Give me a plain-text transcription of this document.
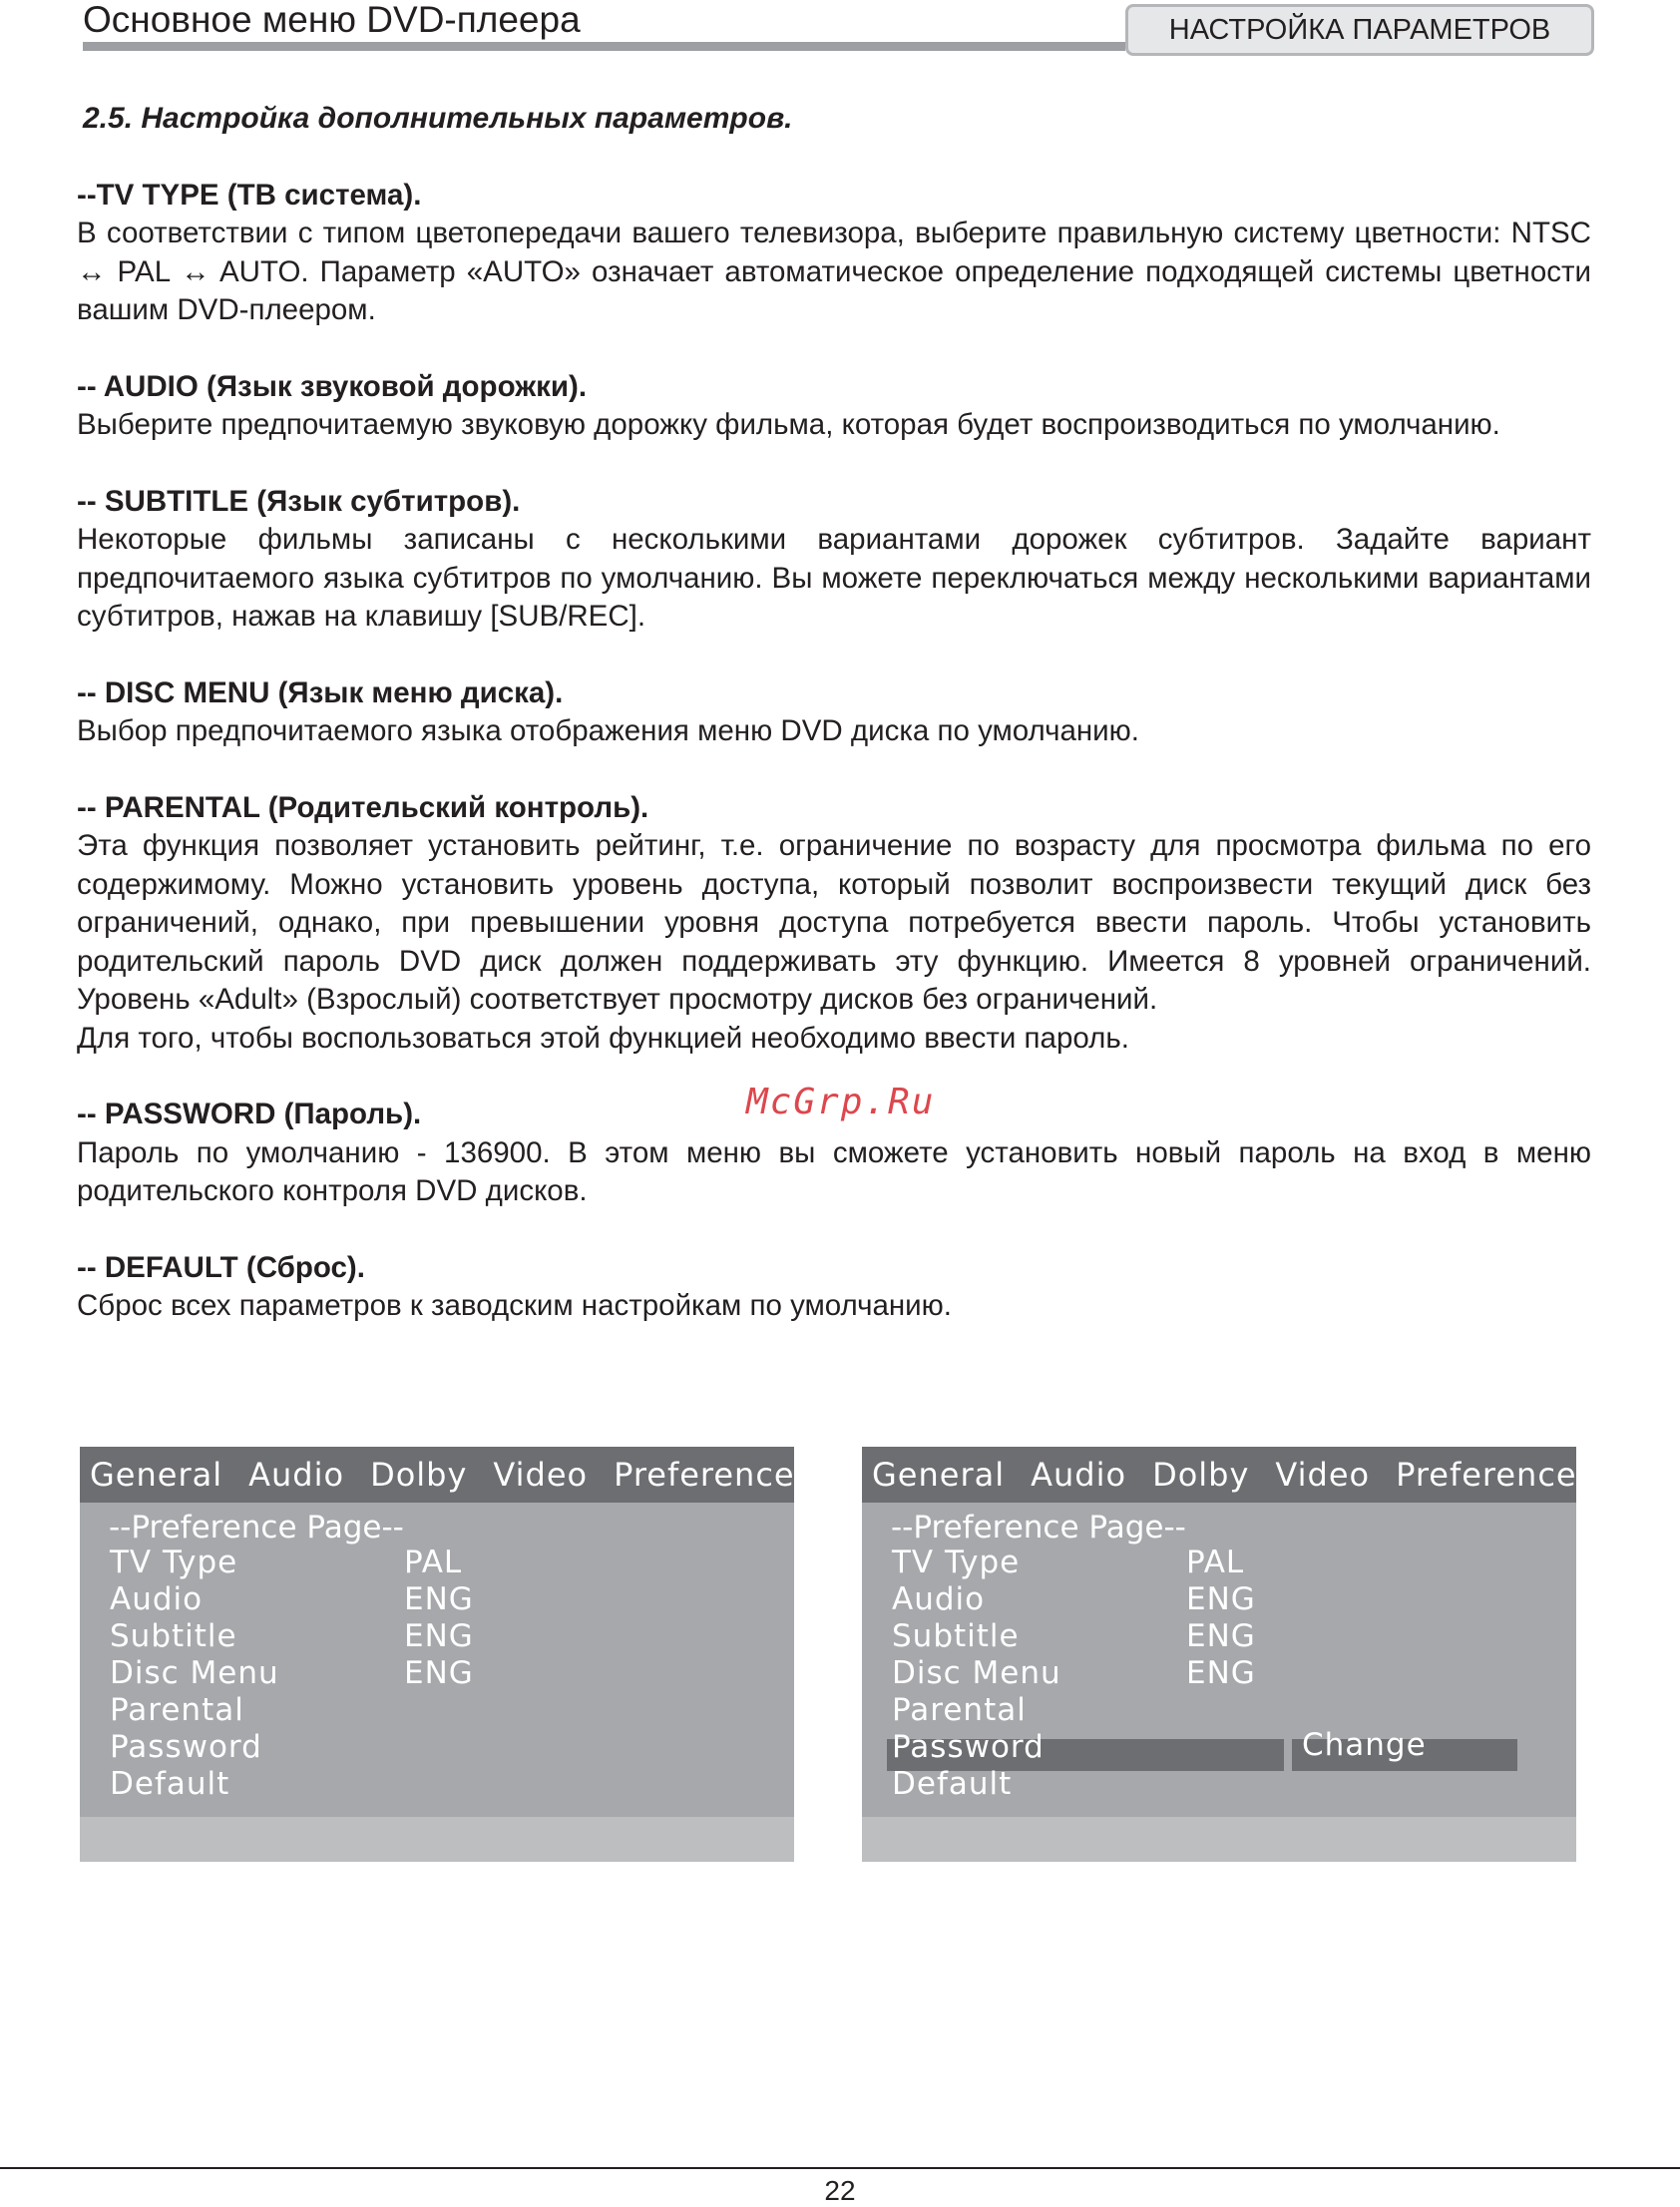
Основное меню DVD-плеера	НАСТРОЙКА ПАРАМЕТРОВ
2.5. Настройка дополнительных параметров.
--TV TYPE (ТВ система).
В соответствии с типом цветопередачи вашего телевизора, выберите правильную систему цветности: NTSC ↔ PAL ↔ AUTO. Параметр «AUTO» означает автоматическое определение подходящей системы цветности вашим DVD-плеером.
-- AUDIO (Язык звуковой дорожки).
Выберите предпочитаемую звуковую дорожку фильма, которая будет воспроизводиться по умолчанию.
-- SUBTITLE (Язык субтитров).
Некоторые фильмы записаны с несколькими вариантами дорожек субтитров. Задайте вариант предпочитаемого языка субтитров по умолчанию. Вы можете переключаться между несколькими вариантами субтитров, нажав на клавишу [SUB/REC].
-- DISC MENU (Язык меню диска).
Выбор предпочитаемого языка отображения меню DVD диска по умолчанию.
-- PARENTAL (Родительский контроль).
Эта функция позволяет установить рейтинг, т.е. ограничение по возрасту для просмотра фильма по его содержимому. Можно установить уровень доступа, который позволит воспроизвести текущий диск без ограничений, однако, при превышении уровня доступа потребуется ввести пароль. Чтобы установить родительский пароль DVD диск должен поддерживать эту функцию. Имеется 8 уровней ограничений. Уровень «Adult» (Взрослый) соответствует просмотру дисков без ограничений.
Для того, чтобы воспользоваться этой функцией необходимо ввести пароль.
-- PASSWORD (Пароль).
Пароль по умолчанию - 136900. В этом меню вы сможете установить новый пароль на вход в меню родительского контроля DVD дисков.
-- DEFAULT (Сброс).
Сброс всех параметров к заводским настройкам по умолчанию.
McGrp.Ru
General Audio Dolby Video Preference
--Preference Page--
TV Type	PAL
Audio	ENG
Subtitle	ENG
Disc Menu	ENG
Parental
Password
Default
General Audio Dolby Video Preference
--Preference Page--
TV Type	PAL
Audio	ENG
Subtitle	ENG
Disc Menu	ENG
Parental
Password	Change
Default
22
